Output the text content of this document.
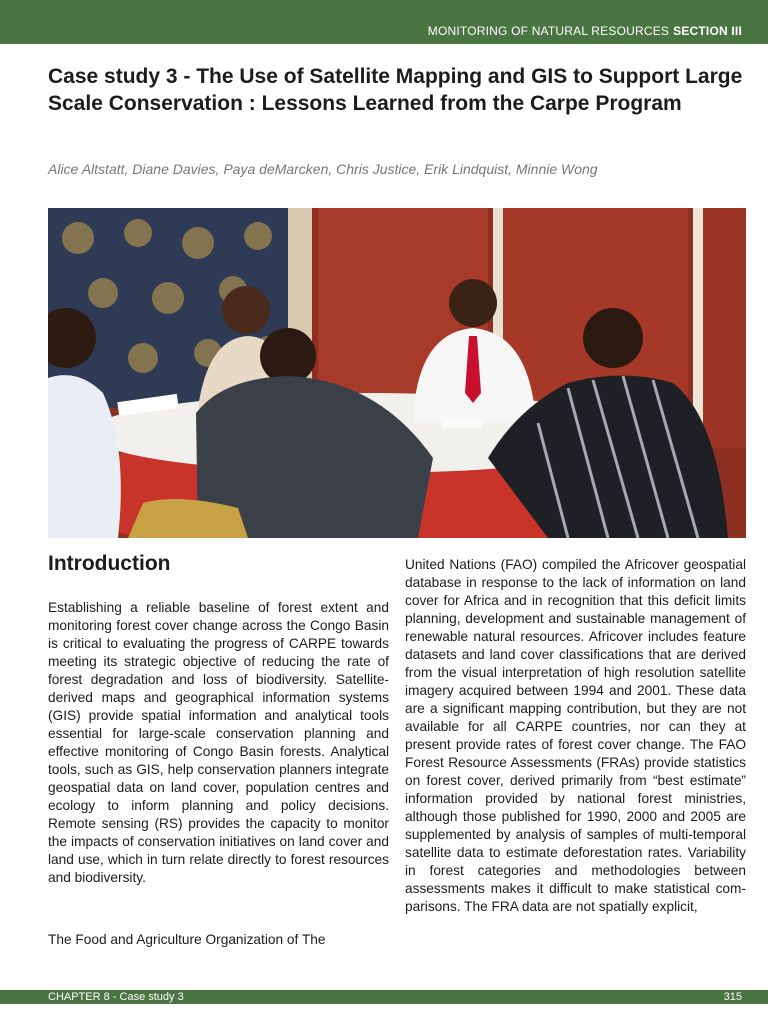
MONITORING OF NATURAL RESOURCES SECTION III
Case study 3 - The Use of Satellite Mapping and GIS to Support Large Scale Conservation : Lessons Learned from the Carpe Program

Alice Altstatt, Diane Davies, Paya deMarcken, Chris Justice, Erik Lindquist, Minnie Wong

Introduction

Establishing a reliable baseline of forest extent and monitoring forest cover change across the Congo Basin is critical to evaluating the progress of CARPE towards meeting its strategic objective of reducing the rate of forest degradation and loss of biodiversity. Satellite-derived maps and geographical information systems (GIS) provide spatial information and analytical tools essential for large-scale conservation planning and effective monitoring of Congo Basin forests. Analytical tools, such as GIS, help conservation planners integrate geospatial data on land cover, population centres and ecology to inform planning and policy decisions. Remote sensing (RS) provides the capacity to monitor the impacts of conservation initiatives on land cover and land use, which in turn relate directly to forest resources and biodiversity.

The Food and Agriculture Organization of The

United Nations (FAO) compiled the Africover geospatial database in response to the lack of information on land cover for Africa and in recognition that this deficit limits planning, development and sustainable management of renewable natural resources. Africover includes feature datasets and land cover classifications that are derived from the visual interpretation of high resolution satellite imagery acquired between 1994 and 2001. These data are a significant mapping contribution, but they are not available for all CARPE countries, nor can they at present provide rates of forest cover change. The FAO Forest Resource Assessments (FRAs) provide statistics on forest cover, derived primarily from “best estimate” information provided by national forest ministries, although those published for 1990, 2000 and 2005 are supplemented by analysis of samples of multi-temporal satellite data to estimate deforestation rates. Variability in forest categories and methodologies between assessments makes it difficult to make statistical comparisons. The FRA data are not spatially explicit,

CHAPTER 8 - Case study 3	315
